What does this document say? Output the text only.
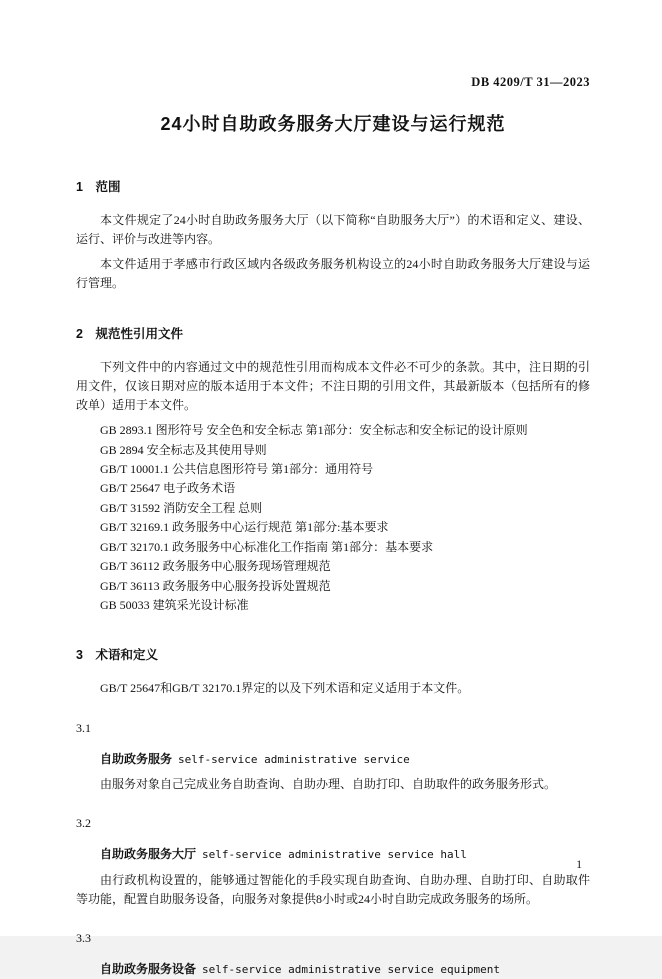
DB 4209/T 31—2023
24小时自助政务服务大厅建设与运行规范
1　范围

本文件规定了24小时自助政务服务大厅（以下简称“自助服务大厅”）的术语和定义、建设、运行、评价与改进等内容。

本文件适用于孝感市行政区域内各级政务服务机构设立的24小时自助政务服务大厅建设与运行管理。

2　规范性引用文件

下列文件中的内容通过文中的规范性引用而构成本文件必不可少的条款。其中，注日期的引用文件，仅该日期对应的版本适用于本文件；不注日期的引用文件，其最新版本（包括所有的修改单）适用于本文件。

GB 2893.1 图形符号 安全色和安全标志 第1部分：安全标志和安全标记的设计原则
GB 2894 安全标志及其使用导则
GB/T 10001.1 公共信息图形符号 第1部分：通用符号
GB/T 25647 电子政务术语
GB/T 31592 消防安全工程 总则
GB/T 32169.1 政务服务中心运行规范 第1部分:基本要求
GB/T 32170.1 政务服务中心标准化工作指南 第1部分：基本要求
GB/T 36112 政务服务中心服务现场管理规范
GB/T 36113 政务服务中心服务投诉处置规范
GB 50033 建筑采光设计标准
3　术语和定义

GB/T 25647和GB/T 32170.1界定的以及下列术语和定义适用于本文件。

3.1
自助政务服务 self-service administrative service

由服务对象自己完成业务自助查询、自助办理、自助打印、自助取件的政务服务形式。

3.2
自助政务服务大厅 self-service administrative service hall

由行政机构设置的，能够通过智能化的手段实现自助查询、自助办理、自助打印、自助取件等功能，配置自助服务设备，向服务对象提供8小时或24小时自助完成政务服务的场所。

3.3
自助政务服务设备 self-service administrative service equipment
1
